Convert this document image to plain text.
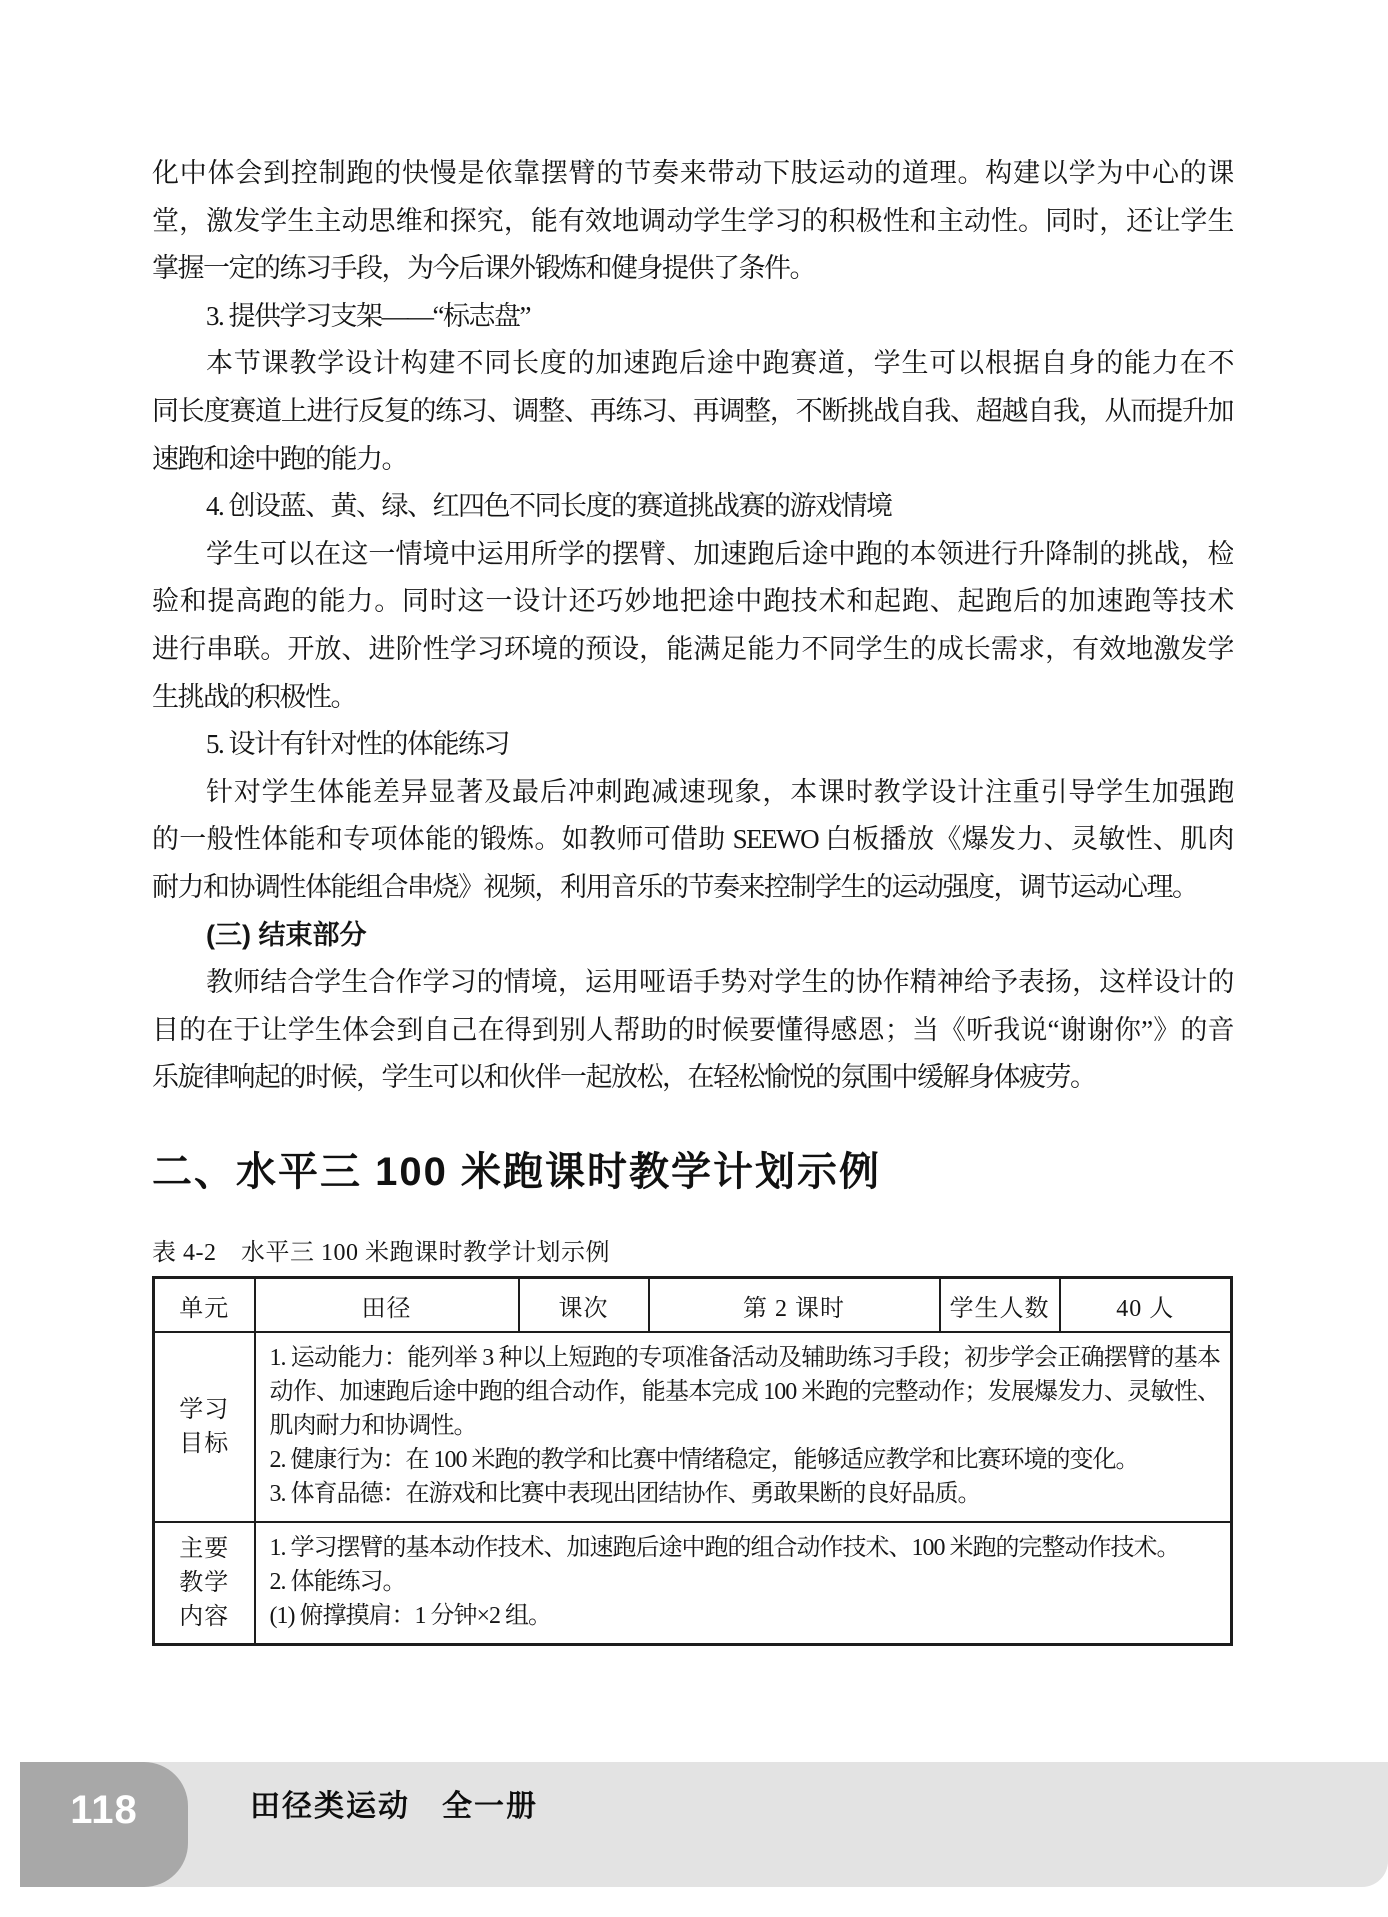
化中体会到控制跑的快慢是依靠摆臂的节奏来带动下肢运动的道理。构建以学为中心的课
堂，激发学生主动思维和探究，能有效地调动学生学习的积极性和主动性。同时，还让学生
掌握一定的练习手段，为今后课外锻炼和健身提供了条件。
3. 提供学习支架——“标志盘”
本节课教学设计构建不同长度的加速跑后途中跑赛道，学生可以根据自身的能力在不
同长度赛道上进行反复的练习、调整、再练习、再调整，不断挑战自我、超越自我，从而提升加
速跑和途中跑的能力。
4. 创设蓝、黄、绿、红四色不同长度的赛道挑战赛的游戏情境
学生可以在这一情境中运用所学的摆臂、加速跑后途中跑的本领进行升降制的挑战，检
验和提高跑的能力。同时这一设计还巧妙地把途中跑技术和起跑、起跑后的加速跑等技术
进行串联。开放、进阶性学习环境的预设，能满足能力不同学生的成长需求，有效地激发学
生挑战的积极性。
5. 设计有针对性的体能练习
针对学生体能差异显著及最后冲刺跑减速现象，本课时教学设计注重引导学生加强跑
的一般性体能和专项体能的锻炼。如教师可借助 SEEWO 白板播放《爆发力、灵敏性、肌肉
耐力和协调性体能组合串烧》视频，利用音乐的节奏来控制学生的运动强度，调节运动心理。
(三) 结束部分
教师结合学生合作学习的情境，运用哑语手势对学生的协作精神给予表扬，这样设计的
目的在于让学生体会到自己在得到别人帮助的时候要懂得感恩；当《听我说“谢谢你”》的音
乐旋律响起的时候，学生可以和伙伴一起放松，在轻松愉悦的氛围中缓解身体疲劳。
二、水平三 100 米跑课时教学计划示例
表 4-2　水平三 100 米跑课时教学计划示例
单元	田径	课次	第 2 课时	学生人数	40 人
学习目标	1. 运动能力：能列举 3 种以上短跑的专项准备活动及辅助练习手段；初步学会正确摆臂的基本动作、加速跑后途中跑的组合动作，能基本完成 100 米跑的完整动作；发展爆发力、灵敏性、肌肉耐力和协调性。
2. 健康行为：在 100 米跑的教学和比赛中情绪稳定，能够适应教学和比赛环境的变化。
3. 体育品德：在游戏和比赛中表现出团结协作、勇敢果断的良好品质。				

主要教学内容	1. 学习摆臂的基本动作技术、加速跑后途中跑的组合动作技术、100 米跑的完整动作技术。
2. 体能练习。
(1) 俯撑摸肩：1 分钟×2 组。				
118	田径类运动　全一册
